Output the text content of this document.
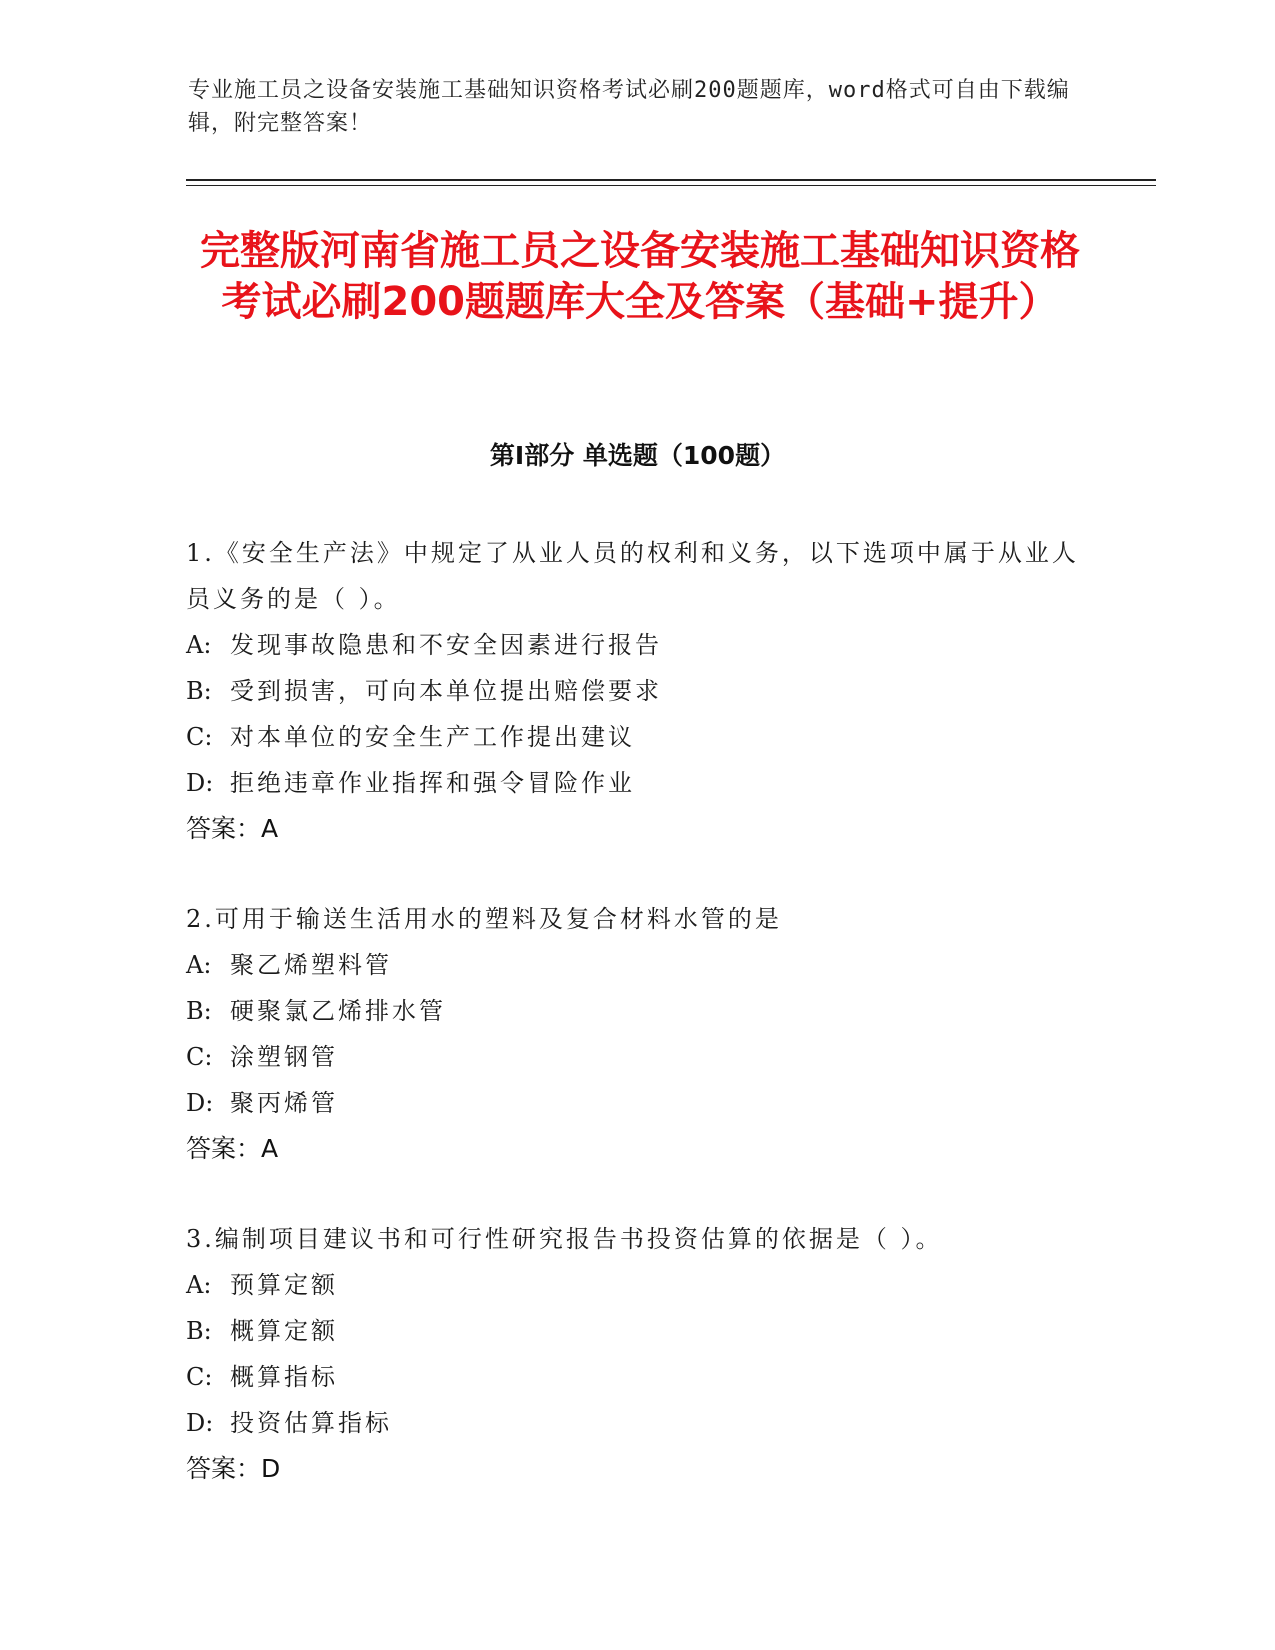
专业施工员之设备安装施工基础知识资格考试必刷200题题库，word格式可自由下载编辑，附完整答案！
完整版河南省施工员之设备安装施工基础知识资格考试必刷200题题库大全及答案（基础+提升）
第I部分 单选题（100题）
1.《安全生产法》中规定了从业人员的权利和义务，以下选项中属于从业人员义务的是（ ）。
A: 发现事故隐患和不安全因素进行报告
B: 受到损害，可向本单位提出赔偿要求
C: 对本单位的安全生产工作提出建议
D: 拒绝违章作业指挥和强令冒险作业
答案：A
2.可用于输送生活用水的塑料及复合材料水管的是
A: 聚乙烯塑料管
B: 硬聚氯乙烯排水管
C: 涂塑钢管
D: 聚丙烯管
答案：A
3.编制项目建议书和可行性研究报告书投资估算的依据是（ ）。
A: 预算定额
B: 概算定额
C: 概算指标
D: 投资估算指标
答案：D
